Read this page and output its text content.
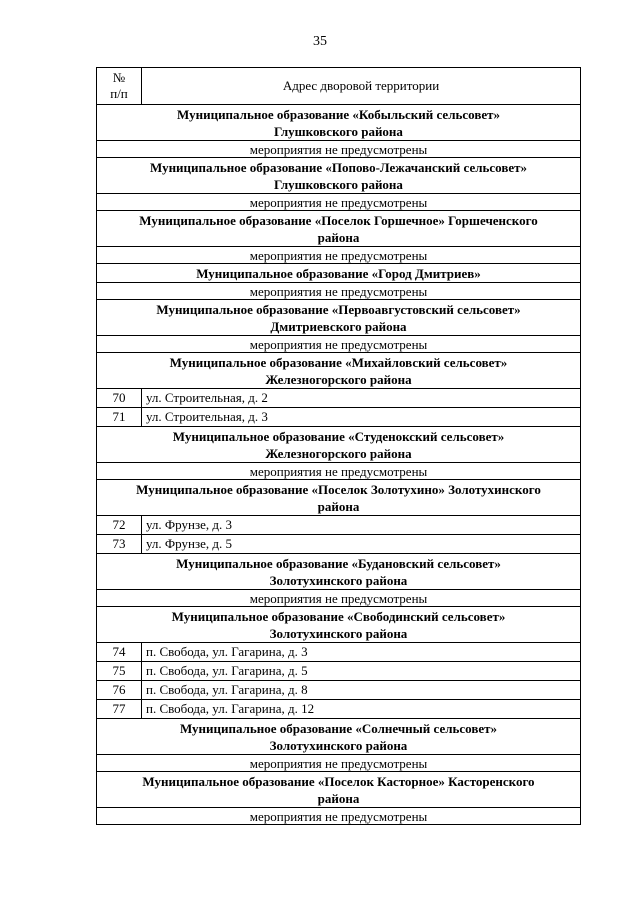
35
№
п/п	Адрес дворовой территории

Муниципальное образование «Кобыльский сельсовет»
Глушковского района	

мероприятия не предусмотрены	

Муниципальное образование «Попово-Лежачанский сельсовет»
Глушковского района	

мероприятия не предусмотрены	

Муниципальное образование «Поселок Горшечное» Горшеченского
района	

мероприятия не предусмотрены	

Муниципальное образование «Город Дмитриев»	

мероприятия не предусмотрены	

Муниципальное образование «Первоавгустовский сельсовет»
Дмитриевского района	

мероприятия не предусмотрены	

Муниципальное образование «Михайловский сельсовет»
Железногорского района	

70	ул. Строительная, д. 2
71	ул. Строительная, д. 3

Муниципальное образование «Студенокский сельсовет»
Железногорского района	

мероприятия не предусмотрены	

Муниципальное образование «Поселок Золотухино» Золотухинского
района	

72	ул. Фрунзе, д. 3
73	ул. Фрунзе, д. 5

Муниципальное образование «Будановский сельсовет»
Золотухинского района	

мероприятия не предусмотрены	

Муниципальное образование «Свободинский сельсовет»
Золотухинского района	

74	п. Свобода, ул. Гагарина, д. 3
75	п. Свобода, ул. Гагарина, д. 5
76	п. Свобода, ул. Гагарина, д. 8
77	п. Свобода, ул. Гагарина, д. 12

Муниципальное образование «Солнечный сельсовет»
Золотухинского района	

мероприятия не предусмотрены	

Муниципальное образование «Поселок Касторное» Касторенского
района	

мероприятия не предусмотрены	
